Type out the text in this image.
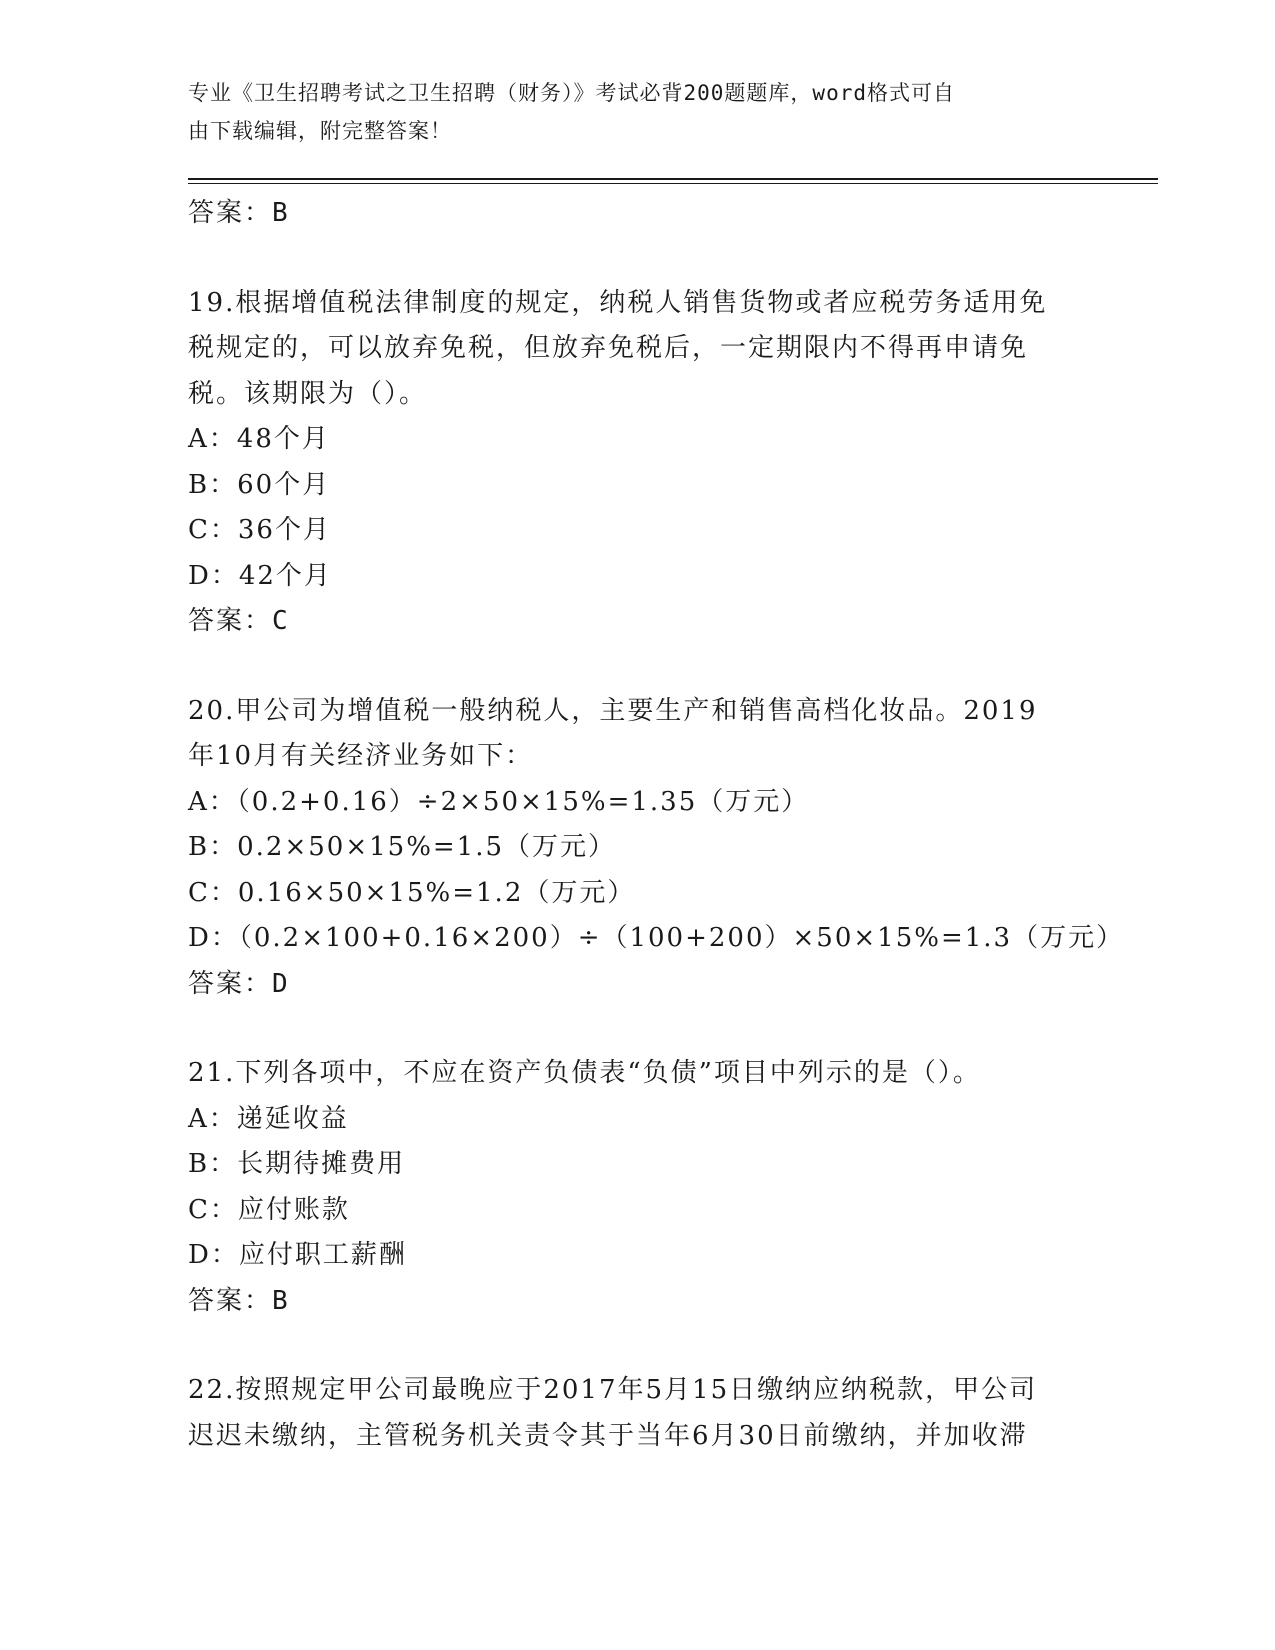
专业《卫生招聘考试之卫生招聘（财务）》考试必背200题题库，word格式可自
由下载编辑，附完整答案！
答案：B
19.根据增值税法律制度的规定，纳税人销售货物或者应税劳务适用免
税规定的，可以放弃免税，但放弃免税后，一定期限内不得再申请免
税。该期限为（）。
A：48个月
B：60个月
C：36个月
D：42个月
答案：C
20.甲公司为增值税一般纳税人，主要生产和销售高档化妆品。2019
年10月有关经济业务如下：
A：（0.2+0.16）÷2×50×15%=1.35（万元）
B：0.2×50×15%=1.5（万元）
C：0.16×50×15%=1.2（万元）
D：（0.2×100+0.16×200）÷（100+200）×50×15%=1.3（万元）
答案：D
21.下列各项中，不应在资产负债表“负债”项目中列示的是（）。
A：递延收益
B：长期待摊费用
C：应付账款
D：应付职工薪酬
答案：B
22.按照规定甲公司最晚应于2017年5月15日缴纳应纳税款，甲公司
迟迟未缴纳，主管税务机关责令其于当年6月30日前缴纳，并加收滞
